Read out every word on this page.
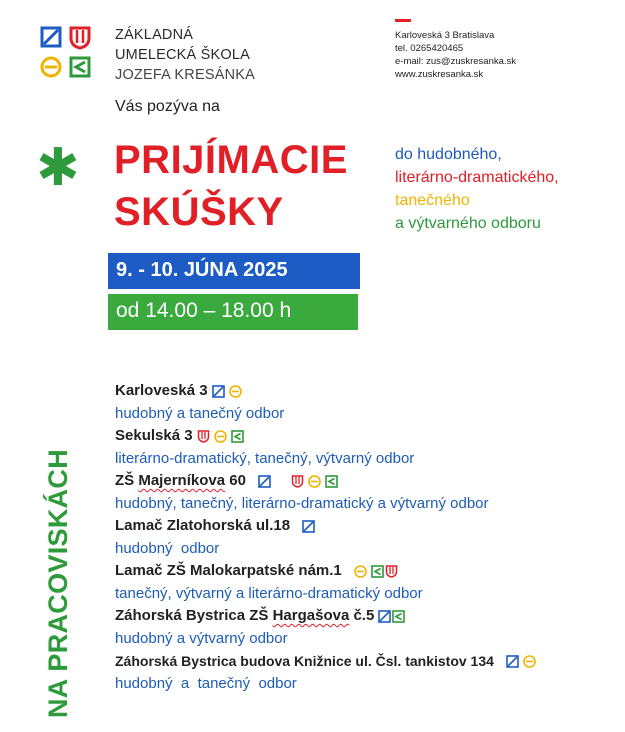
ZÁKLADNÁ
UMELECKÁ ŠKOLA
JOZEFA KRESÁNKA
Karloveská 3 Bratislava
tel. 0265420465
e-mail: zus@zuskresanka.sk
www.zuskresanka.sk
Vás pozýva na
✱ PRIJÍMACIE
SKÚŠKY
do hudobného,
literárno-dramatického,
tanečného
a výtvarného odboru
9. - 10. JÚNA 2025
od 14.00 – 18.00 h
NA PRACOVISKÁCH
Karloveská 3
hudobný a tanečný odbor
Sekulská 3
literárno-dramatický, tanečný, výtvarný odbor
ZŠ Majerníkova 60
hudobný, tanečný, literárno-dramatický a výtvarný odbor
Lamač Zlatohorská ul.18
hudobný  odbor
Lamač ZŠ Malokarpatské nám.1
tanečný, výtvarný a literárno-dramatický odbor
Záhorská Bystrica ZŠ Hargašova č.5
hudobný a výtvarný odbor
Záhorská Bystrica budova Knižnice ul. Čsl. tankistov 134
hudobný  a  tanečný  odbor
